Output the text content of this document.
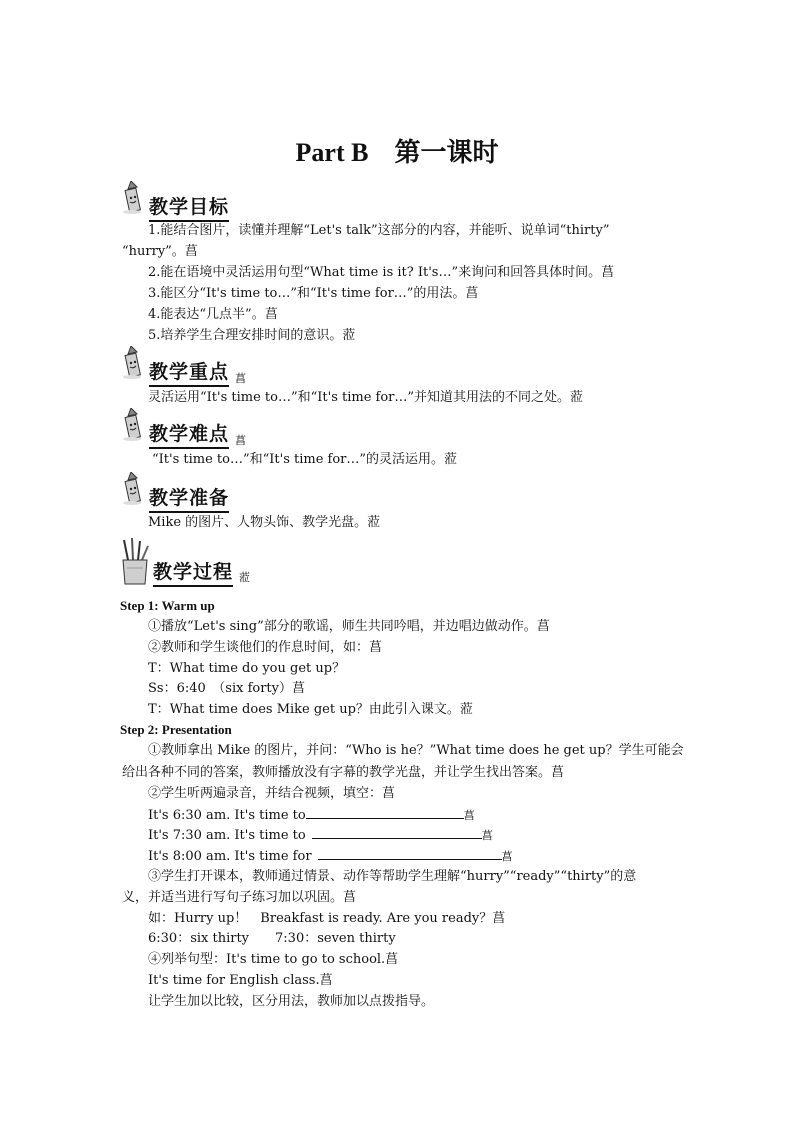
Part B　第一课时
教学目标
1.能结合图片，读懂并理解“Let's talk”这部分的内容，并能听、说单词“thirty”
“hurry”。菖
2.能在语境中灵活运用句型“What time is it? It's…”来询问和回答具体时间。菖
3.能区分“It's time to…”和“It's time for…”的用法。菖
4.能表达“几点半”。菖
5.培养学生合理安排时间的意识。蒞
教学重点 菖
灵活运用“It's time to…”和“It's time for…”并知道其用法的不同之处。蒞
教学难点 菖
“It's time to…”和“It's time for…”的灵活运用。蒞
教学准备
Mike 的图片、人物头饰、教学光盘。蒞
教学过程 蒞
Step 1: Warm up
①播放“Let's sing”部分的歌谣，师生共同吟唱，并边唱边做动作。菖
②教师和学生谈他们的作息时间，如：菖
T：What time do you get up？
Ss：6:40　（six forty）菖
T：What time does Mike get up？由此引入课文。蒞
Step 2: Presentation
①教师拿出 Mike 的图片，并问：“Who is he？”What time does he get up？学生可能会
给出各种不同的答案，教师播放没有字幕的教学光盘，并让学生找出答案。菖
②学生听两遍录音，并结合视频，填空：菖
It's 6:30 am. It's time to	菖
It's 7:30 am. It's time to	菖
It's 8:00 am. It's time for	菖
③学生打开课本，教师通过情景、动作等帮助学生理解“hurry”“ready”“thirty”的意
义，并适当进行写句子练习加以巩固。菖
如：Hurry up！　Breakfast is ready. Are you ready？菖
6:30：six thirty　　7:30：seven thirty
④列举句型：It's time to go to school.菖
It's time for English class.菖
让学生加以比较，区分用法，教师加以点拨指导。
